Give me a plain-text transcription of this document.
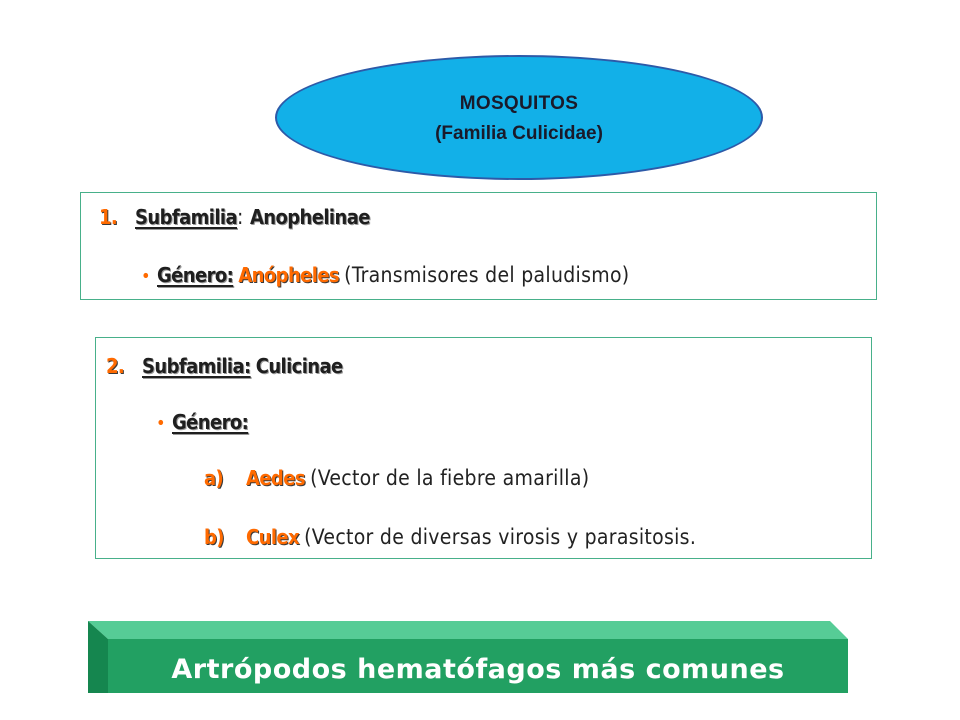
MOSQUITOS
(Familia Culicidae)
1. Subfamilia: Anophelinae
• Género: Anópheles (Transmisores del paludismo)
2. Subfamilia: Culicinae
• Género:
a) Aedes (Vector de la fiebre amarilla)
b) Culex (Vector de diversas virosis y parasitosis.
Artrópodos hematófagos más comunes
